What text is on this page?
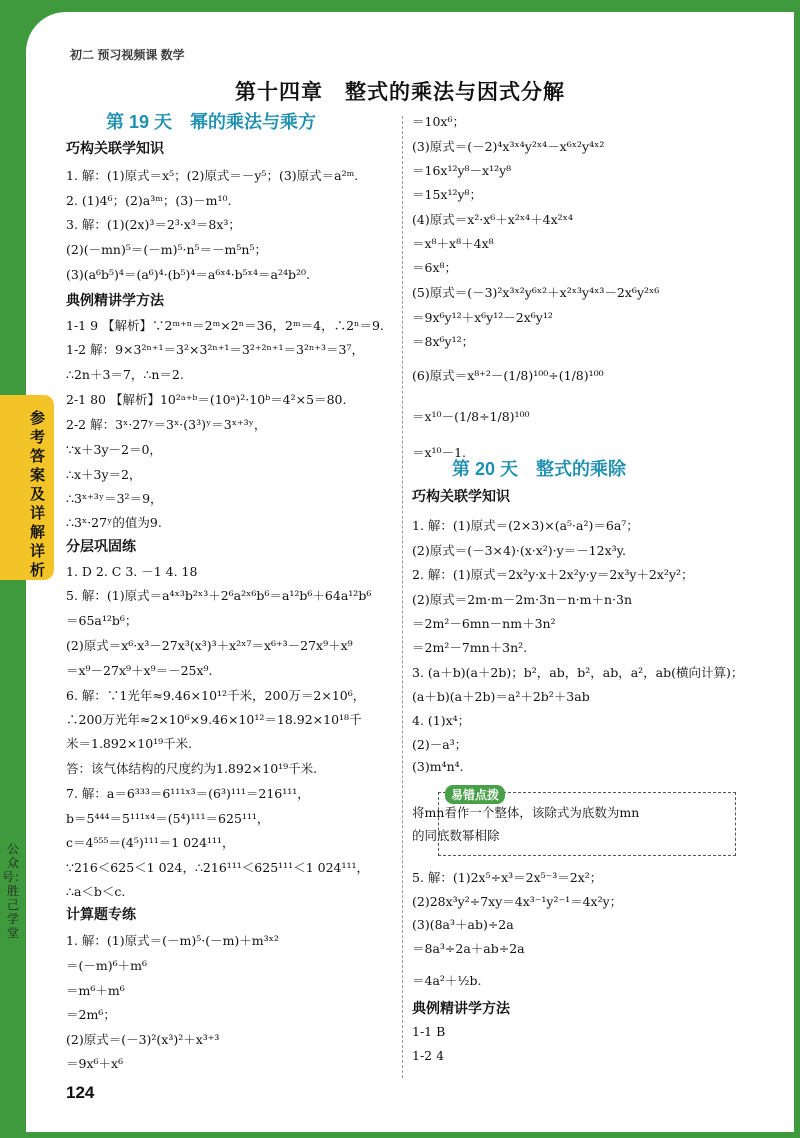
初二 预习视频课 数学
第十四章　整式的乘法与因式分解
参考答案及详解详析
公众号：胜己学堂
易错点拨
第 19 天　幂的乘法与乘方
巧构关联学知识
1. 解：(1)原式＝x⁵；(2)原式＝－y⁵；(3)原式＝a²ᵐ.
2. (1)4⁶；(2)a³ᵐ；(3)－m¹⁰.
3. 解：(1)(2x)³＝2³·x³＝8x³；
(2)(－mn)⁵＝(－m)⁵·n⁵＝－m⁵n⁵；
(3)(a⁶b⁵)⁴＝(a⁶)⁴·(b⁵)⁴＝a⁶ˣ⁴·b⁵ˣ⁴＝a²⁴b²⁰.
典例精讲学方法
1-1 9 【解析】∵2ᵐ⁺ⁿ＝2ᵐ×2ⁿ＝36，2ᵐ＝4，∴2ⁿ＝9.
1-2 解：9×3²ⁿ⁺¹＝3²×3²ⁿ⁺¹＝3²⁺²ⁿ⁺¹＝3²ⁿ⁺³＝3⁷，
∴2n＋3＝7，∴n＝2.
2-1 80 【解析】10²ᵃ⁺ᵇ＝(10ᵃ)²·10ᵇ＝4²×5＝80.
2-2 解：3ˣ·27ʸ＝3ˣ·(3³)ʸ＝3ˣ⁺³ʸ，
∵x＋3y－2＝0，
∴x＋3y＝2，
∴3ˣ⁺³ʸ＝3²＝9，
∴3ˣ·27ʸ的值为9.
分层巩固练
1. D 2. C 3. －1 4. 18
5. 解：(1)原式＝a⁴ˣ³b²ˣ³＋2⁶a²ˣ⁶b⁶＝a¹²b⁶＋64a¹²b⁶
＝65a¹²b⁶；
(2)原式＝x⁶·x³－27x³(x³)³＋x²ˣ⁷＝x⁶⁺³－27x⁹＋x⁹
＝x⁹－27x⁹＋x⁹＝－25x⁹.
6. 解：∵1光年≈9.46×10¹²千米，200万＝2×10⁶，
∴200万光年≈2×10⁶×9.46×10¹²＝18.92×10¹⁸千
米＝1.892×10¹⁹千米.
答：该气体结构的尺度约为1.892×10¹⁹千米.
7. 解：a＝6³³³＝6¹¹¹ˣ³＝(6³)¹¹¹＝216¹¹¹，
b＝5⁴⁴⁴＝5¹¹¹ˣ⁴＝(5⁴)¹¹¹＝625¹¹¹，
c＝4⁵⁵⁵＝(4⁵)¹¹¹＝1 024¹¹¹，
∵216＜625＜1 024，∴216¹¹¹＜625¹¹¹＜1 024¹¹¹，
∴a＜b＜c.
计算题专练
1. 解：(1)原式＝(－m)⁵·(－m)＋m³ˣ²
＝(－m)⁶＋m⁶
＝m⁶＋m⁶
＝2m⁶；
(2)原式＝(－3)²(x³)²＋x³⁺³
＝9x⁶＋x⁶
＝10x⁶；
(3)原式＝(－2)⁴x³ˣ⁴y²ˣ⁴－x⁶ˣ²y⁴ˣ²
＝16x¹²y⁸－x¹²y⁸
＝15x¹²y⁸；
(4)原式＝x²·x⁶＋x²ˣ⁴＋4x²ˣ⁴
＝x⁸＋x⁸＋4x⁸
＝6x⁸；
(5)原式＝(－3)²x³ˣ²y⁶ˣ²＋x²ˣ³y⁴ˣ³－2x⁶y²ˣ⁶
＝9x⁶y¹²＋x⁶y¹²－2x⁶y¹²
＝8x⁶y¹²；
(6)原式＝x⁸⁺²－(1/8)¹⁰⁰÷(1/8)¹⁰⁰
＝x¹⁰－(1/8÷1/8)¹⁰⁰
＝x¹⁰－1.
第 20 天　整式的乘除
巧构关联学知识
1. 解：(1)原式＝(2×3)×(a⁵·a²)＝6a⁷；
(2)原式＝(－3×4)·(x·x²)·y＝－12x³y.
2. 解：(1)原式＝2x²y·x＋2x²y·y＝2x³y＋2x²y²；
(2)原式＝2m·m－2m·3n－n·m＋n·3n
＝2m²－6mn－nm＋3n²
＝2m²－7mn＋3n².
3. (a＋b)(a＋2b)；b²，ab，b²，ab，a²，ab(横向计算)；
(a＋b)(a＋2b)＝a²＋2b²＋3ab
4. (1)x⁴；
(2)－a³；
(3)m⁴n⁴.
将mn看作一个整体，该除式为底数为mn
的同底数幂相除
5. 解：(1)2x⁵÷x³＝2x⁵⁻³＝2x²；
(2)28x³y²÷7xy＝4x³⁻¹y²⁻¹＝4x²y；
(3)(8a³＋ab)÷2a
＝8a³÷2a＋ab÷2a
＝4a²＋½b.
典例精讲学方法
1-1 B
1-2 4
124
